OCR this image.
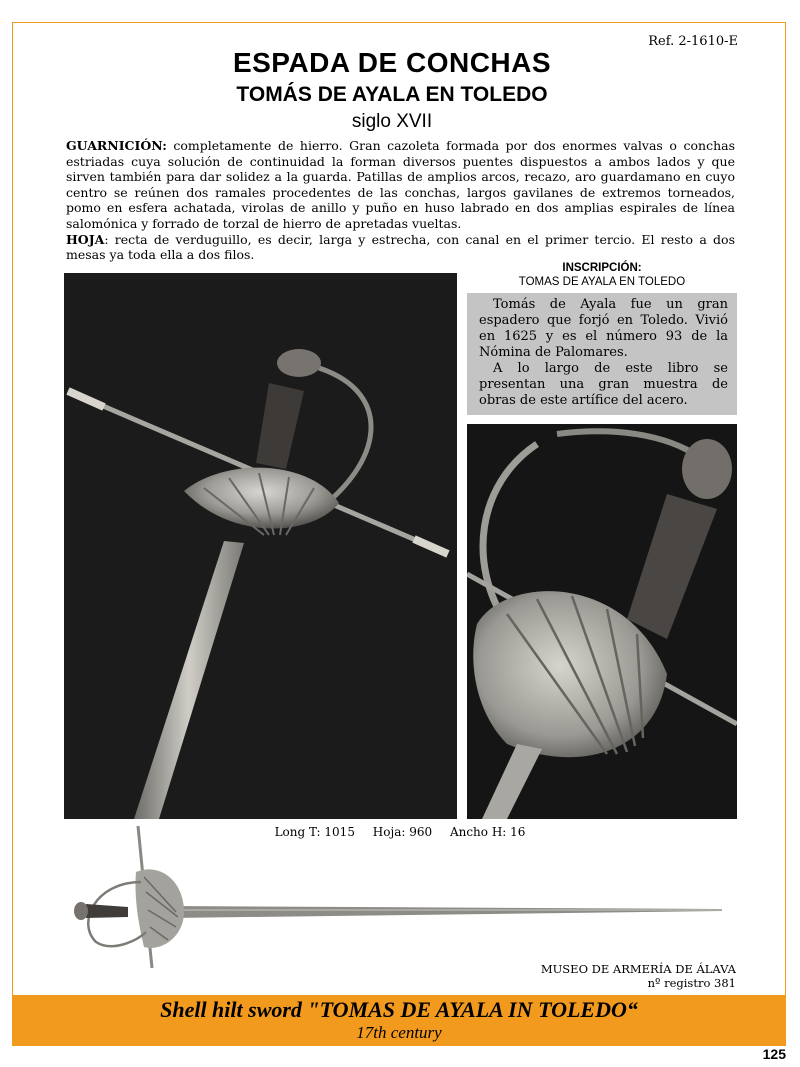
Ref. 2-1610-E
ESPADA DE CONCHAS
TOMÁS DE AYALA EN TOLEDO
siglo XVII

GUARNICIÓN: completamente de hierro. Gran cazoleta formada por dos enormes valvas o conchas estriadas cuya solución de continuidad la forman diversos puentes dispuestos a ambos lados y que sirven también para dar solidez a la guarda. Patillas de amplios arcos, recazo, aro guardamano en cuyo centro se reúnen dos ramales procedentes de las conchas, largos gavilanes de extremos torneados, pomo en esfera achatada, virolas de anillo y puño en huso labrado en dos amplias espirales de línea salomónica y forrado de torzal de hierro de apretadas vueltas.

HOJA: recta de verduguillo, es decir, larga y estrecha, con canal en el primer tercio. El resto a dos mesas ya toda ella a dos filos.

INSCRIPCIÓN:
TOMAS DE AYALA EN TOLEDO

Tomás de Ayala fue un gran espadero que forjó en Toledo. Vivió en 1625 y es el número 93 de la Nómina de Palomares.

A lo largo de este libro se presentan una gran muestra de obras de este artífice del acero.

Long T: 1015 Hoja: 960 Ancho H: 16
MUSEO DE ARMERÍA DE ÁLAVA
nº registro 381
Shell hilt sword "TOMAS DE AYALA IN TOLEDO“
17th century
125
